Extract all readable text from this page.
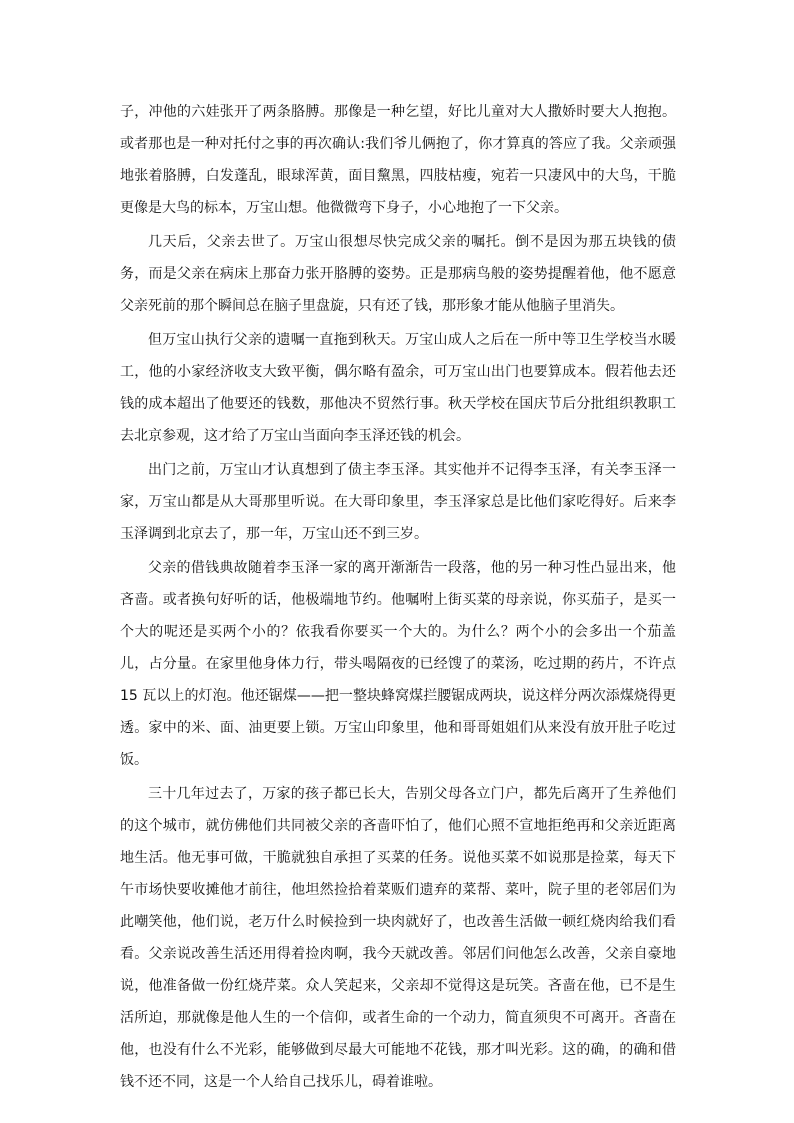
子，冲他的六娃张开了两条胳膊。那像是一种乞望，好比儿童对大人撒娇时要大人抱抱。或者那也是一种对托付之事的再次确认:我们爷儿俩抱了，你才算真的答应了我。父亲顽强地张着胳膊，白发蓬乱，眼球浑黄，面目黧黑，四肢枯瘦，宛若一只凄风中的大鸟，干脆更像是大鸟的标本，万宝山想。他微微弯下身子，小心地抱了一下父亲。

几天后，父亲去世了。万宝山很想尽快完成父亲的嘱托。倒不是因为那五块钱的债务，而是父亲在病床上那奋力张开胳膊的姿势。正是那病鸟般的姿势提醒着他，他不愿意父亲死前的那个瞬间总在脑子里盘旋，只有还了钱，那形象才能从他脑子里消失。

但万宝山执行父亲的遗嘱一直拖到秋天。万宝山成人之后在一所中等卫生学校当水暖工，他的小家经济收支大致平衡，偶尔略有盈余，可万宝山出门也要算成本。假若他去还钱的成本超出了他要还的钱数，那他决不贸然行事。秋天学校在国庆节后分批组织教职工去北京参观，这才给了万宝山当面向李玉泽还钱的机会。

出门之前，万宝山才认真想到了债主李玉泽。其实他并不记得李玉泽，有关李玉泽一家，万宝山都是从大哥那里听说。在大哥印象里，李玉泽家总是比他们家吃得好。后来李玉泽调到北京去了，那一年，万宝山还不到三岁。

父亲的借钱典故随着李玉泽一家的离开渐渐告一段落，他的另一种习性凸显出来，他吝啬。或者换句好听的话，他极端地节约。他嘱咐上街买菜的母亲说，你买茄子，是买一个大的呢还是买两个小的？依我看你要买一个大的。为什么？两个小的会多出一个茄盖儿，占分量。在家里他身体力行，带头喝隔夜的已经馊了的菜汤，吃过期的药片，不许点 15 瓦以上的灯泡。他还锯煤——把一整块蜂窝煤拦腰锯成两块，说这样分两次添煤烧得更透。家中的米、面、油更要上锁。万宝山印象里，他和哥哥姐姐们从来没有放开肚子吃过饭。

三十几年过去了，万家的孩子都已长大，告别父母各立门户，都先后离开了生养他们的这个城市，就仿佛他们共同被父亲的吝啬吓怕了，他们心照不宣地拒绝再和父亲近距离地生活。他无事可做，干脆就独自承担了买菜的任务。说他买菜不如说那是捡菜，每天下午市场快要收摊他才前往，他坦然捡拾着菜贩们遗弃的菜帮、菜叶，院子里的老邻居们为此嘲笑他，他们说，老万什么时候捡到一块肉就好了，也改善生活做一顿红烧肉给我们看看。父亲说改善生活还用得着捡肉啊，我今天就改善。邻居们问他怎么改善，父亲自豪地说，他准备做一份红烧芹菜。众人笑起来，父亲却不觉得这是玩笑。吝啬在他，已不是生活所迫，那就像是他人生的一个信仰，或者生命的一个动力，简直须臾不可离开。吝啬在他，也没有什么不光彩，能够做到尽最大可能地不花钱，那才叫光彩。这的确，的确和借钱不还不同，这是一个人给自己找乐儿，碍着谁啦。
